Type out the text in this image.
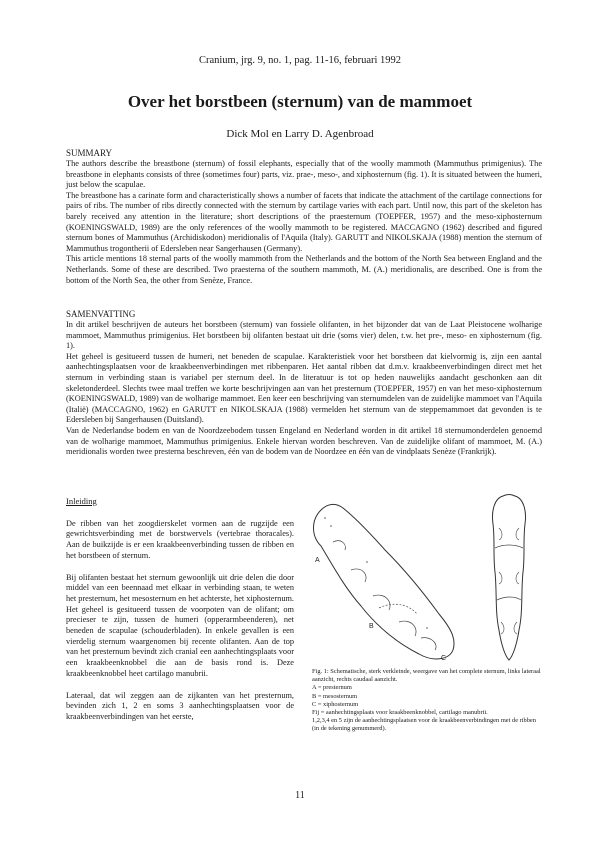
Cranium, jrg. 9, no. 1, pag. 11-16, februari 1992
Over het borstbeen (sternum) van de mammoet
Dick Mol en Larry D. Agenbroad
SUMMARY

The authors describe the breastbone (sternum) of fossil elephants, especially that of the woolly mammoth (Mammuthus primigenius). The breastbone in elephants consists of three (sometimes four) parts, viz. prae-, meso-, and xiphosternum (fig. 1). It is situated between the humeri, just below the scapulae.

The breastbone has a carinate form and characteristically shows a number of facets that indicate the attachment of the cartilage connections for pairs of ribs. The number of ribs directly connected with the sternum by cartilage varies with each part. Until now, this part of the skeleton has barely received any attention in the literature; short descriptions of the praesternum (TOEPFER, 1957) and the meso-xiphosternum (KOENINGSWALD, 1989) are the only references of the woolly mammoth to be registered. MACCAGNO (1962) described and figured sternum bones of Mammuthus (Archidiskodon) meridionalis of l'Aquila (Italy). GARUTT and NIKOLSKAJA (1988) mention the sternum of Mammuthus trogontherii of Edersleben near Sangerhausen (Germany).

This article mentions 18 sternal parts of the woolly mammoth from the Netherlands and the bottom of the North Sea between England and the Netherlands. Some of these are described. Two praesterna of the southern mammoth, M. (A.) meridionalis, are described. One is from the bottom of the North Sea, the other from Senèze, France.

SAMENVATTING

In dit artikel beschrijven de auteurs het borstbeen (sternum) van fossiele olifanten, in het bijzonder dat van de Laat Pleistocene wolharige mammoet, Mammuthus primigenius. Het borstbeen bij olifanten bestaat uit drie (soms vier) delen, t.w. het pre-, meso- en xiphosternum (fig. 1).

Het geheel is gesitueerd tussen de humeri, net beneden de scapulae. Karakteristiek voor het borstbeen dat kielvormig is, zijn een aantal aanhechtingsplaatsen voor de kraakbeenverbindingen met ribbenparen. Het aantal ribben dat d.m.v. kraakbeenverbindingen direct met het sternum in verbinding staan is variabel per sternum deel. In de literatuur is tot op heden nauwelijks aandacht geschonken aan dit skeletonderdeel. Slechts twee maal treffen we korte beschrijvingen aan van het presternum (TOEPFER, 1957) en van het meso-xiphosternum (KOENINGSWALD, 1989) van de wolharige mammoet. Een keer een beschrijving van sternumdelen van de zuidelijke mammoet van l'Aquila (Italië) (MACCAGNO, 1962) en GARUTT en NIKOLSKAJA (1988) vermelden het sternum van de steppemammoet dat gevonden is te Edersleben bij Sangerhausen (Duitsland).

Van de Nederlandse bodem en van de Noordzeebodem tussen Engeland en Nederland worden in dit artikel 18 sternumonderdelen genoemd van de wolharige mammoet, Mammuthus primigenius. Enkele hiervan worden beschreven. Van de zuidelijke olifant of mammoet, M. (A.) meridionalis worden twee presterna beschreven, één van de bodem van de Noordzee en één van de vindplaats Senèze (Frankrijk).

Inleiding

De ribben van het zoogdierskelet vormen aan de rugzijde een gewrichtsverbinding met de borstwervels (vertebrae thoracales). Aan de buikzijde is er een kraakbeenverbinding tussen de ribben en het borstbeen of sternum.

Bij olifanten bestaat het sternum gewoonlijk uit drie delen die door middel van een beennaad met elkaar in verbinding staan, te weten het presternum, het mesosternum en het achterste, het xiphosternum. Het geheel is gesitueerd tussen de voorpoten van de olifant; om precieser te zijn, tussen de humeri (opperarmbeenderen), net beneden de scapulae (schouderbladen). In enkele gevallen is een vierdelig sternum waargenomen bij recente olifanten. Aan de top van het presternum bevindt zich cranial een aanhechtingsplaats voor een kraakbeenknobbel die aan de basis rond is. Deze kraakbeenknobbel heet cartilago manubrii.

Lateraal, dat wil zeggen aan de zijkanten van het presternum, bevinden zich 1, 2 en soms 3 aanhechtingsplaatsen voor de kraakbeenverbindingen van het eerste,

A
B
C

Fig. 1: Schematische, sterk verkleinde, weergave van het complete sternum, links lateraal aanzicht, rechts caudaal aanzicht.

A = presternum

B = mesosternum

C = xiphosternum

Fij = aanhechtingsplaats voor kraakbeenknobbel, cartilago manubrii.

1,2,3,4 en 5 zijn de aanhechtingsplaatsen voor de kraakbeenverbindingen met de ribben (in de tekening genummerd).

11
